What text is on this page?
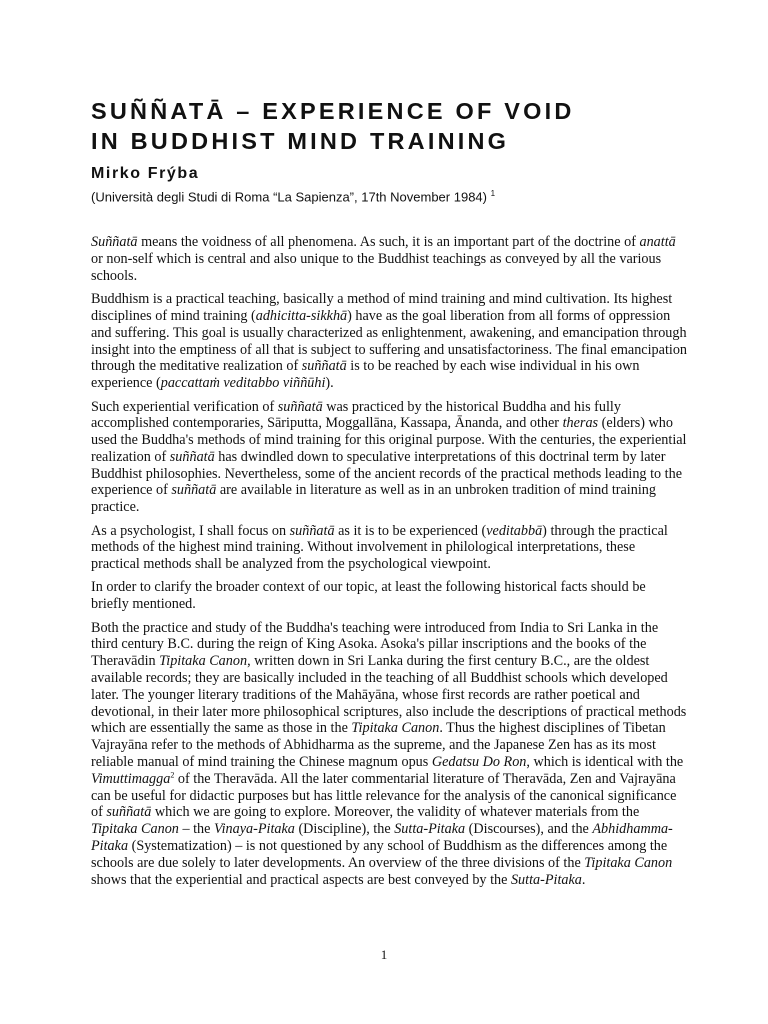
SUÑÑATĀ – EXPERIENCE OF VOID
IN BUDDHIST MIND TRAINING
Mirko Frýba
(Università degli Studi di Roma “La Sapienza”, 17th November 1984) $^1$

Suññatā means the voidness of all phenomena. As such, it is an important part of the doctrine of anattā or non-self which is central and also unique to the Buddhist teachings as conveyed by all the various schools.

Buddhism is a practical teaching, basically a method of mind training and mind cultivation. Its highest disciplines of mind training (adhicitta-sikkhā) have as the goal liberation from all forms of oppression and suffering. This goal is usually characterized as enlightenment, awakening, and emancipation through insight into the emptiness of all that is subject to suffering and unsatisfactoriness. The final emancipation through the meditative realization of suññatā is to be reached by each wise individual in his own experience (paccattaṁ veditabbo viññūhi).

Such experiential verification of suññatā was practiced by the historical Buddha and his fully accomplished contemporaries, Sāriputta, Moggallāna, Kassapa, Ānanda, and other theras (elders) who used the Buddha's methods of mind training for this original purpose. With the centuries, the experiential realization of suññatā has dwindled down to speculative interpretations of this doctrinal term by later Buddhist philosophies. Nevertheless, some of the ancient records of the practical methods leading to the experience of suññatā are available in literature as well as in an unbroken tradition of mind training practice.

As a psychologist, I shall focus on suññatā as it is to be experienced (veditabbā) through the practical methods of the highest mind training. Without involvement in philological interpretations, these practical methods shall be analyzed from the psychological viewpoint.

In order to clarify the broader context of our topic, at least the following historical facts should be briefly mentioned.

Both the practice and study of the Buddha's teaching were introduced from India to Sri Lanka in the third century B.C. during the reign of King Asoka. Asoka's pillar inscriptions and the books of the Theravādin Tipitaka Canon, written down in Sri Lanka during the first century B.C., are the oldest available records; they are basically included in the teaching of all Buddhist schools which developed later. The younger literary traditions of the Mahāyāna, whose first records are rather poetical and devotional, in their later more philosophical scriptures, also include the descriptions of practical methods which are essentially the same as those in the Tipitaka Canon. Thus the highest disciplines of Tibetan Vajrayāna refer to the methods of Abhidharma as the supreme, and the Japanese Zen has as its most reliable manual of mind training the Chinese magnum opus Gedatsu Do Ron, which is identical with the Vimuttimagga$^2$ of the Theravāda. All the later commentarial literature of Theravāda, Zen and Vajrayāna can be useful for didactic purposes but has little relevance for the analysis of the canonical significance of suññatā which we are going to explore. Moreover, the validity of whatever materials from the Tipitaka Canon – the Vinaya-Pitaka (Discipline), the Sutta-Pitaka (Discourses), and the Abhidhamma-Pitaka (Systematization) – is not questioned by any school of Buddhism as the differences among the schools are due solely to later developments. An overview of the three divisions of the Tipitaka Canon shows that the experiential and practical aspects are best conveyed by the Sutta-Pitaka.

1
